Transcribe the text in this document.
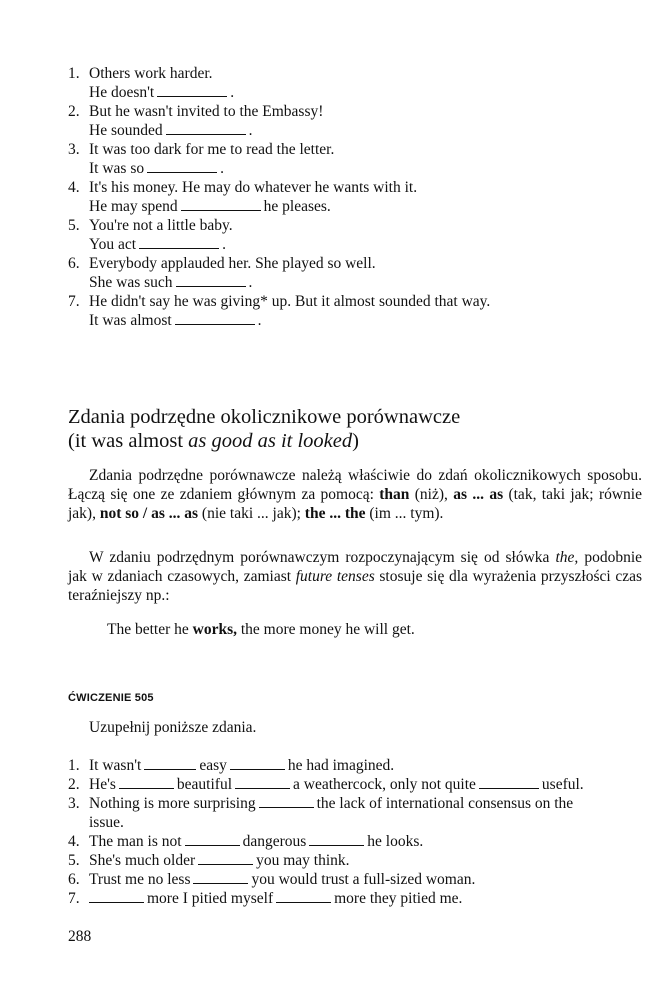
1. Others work harder.
He doesn't	.
2. But he wasn't invited to the Embassy!
He sounded	.
3. It was too dark for me to read the letter.
It was so	.
4. It's his money. He may do whatever he wants with it.
He may spend	he pleases.
5. You're not a little baby.
You act	.
6. Everybody applauded her. She played so well.
She was such	.
7. He didn't say he was giving* up. But it almost sounded that way.
It was almost	.
Zdania podrzędne okolicznikowe porównawcze
(it was almost as good as it looked)

Zdania podrzędne porównawcze należą właściwie do zdań okolicznikowych sposobu. Łączą się one ze zdaniem głównym za pomocą: than (niż), as ... as (tak, taki jak; równie jak), not so / as ... as (nie taki ... jak); the ... the (im ... tym).

W zdaniu podrzędnym porównawczym rozpoczynającym się od słówka the, podobnie jak w zdaniach czasowych, zamiast future tenses stosuje się dla wyrażenia przyszłości czas teraźniejszy np.:

The better he works, the more money he will get.

ĆWICZENIE 505
Uzupełnij poniższe zdania.
1. It wasn't	easy	he had imagined.
2. He's	beautiful	a weathercock, only not quite	useful.
3. Nothing is more surprising	the lack of international consensus on the
issue.
4. The man is not	dangerous	he looks.
5. She's much older	you may think.
6. Trust me no less	you would trust a full-sized woman.
7.	more I pitied myself	more they pitied me.
288
